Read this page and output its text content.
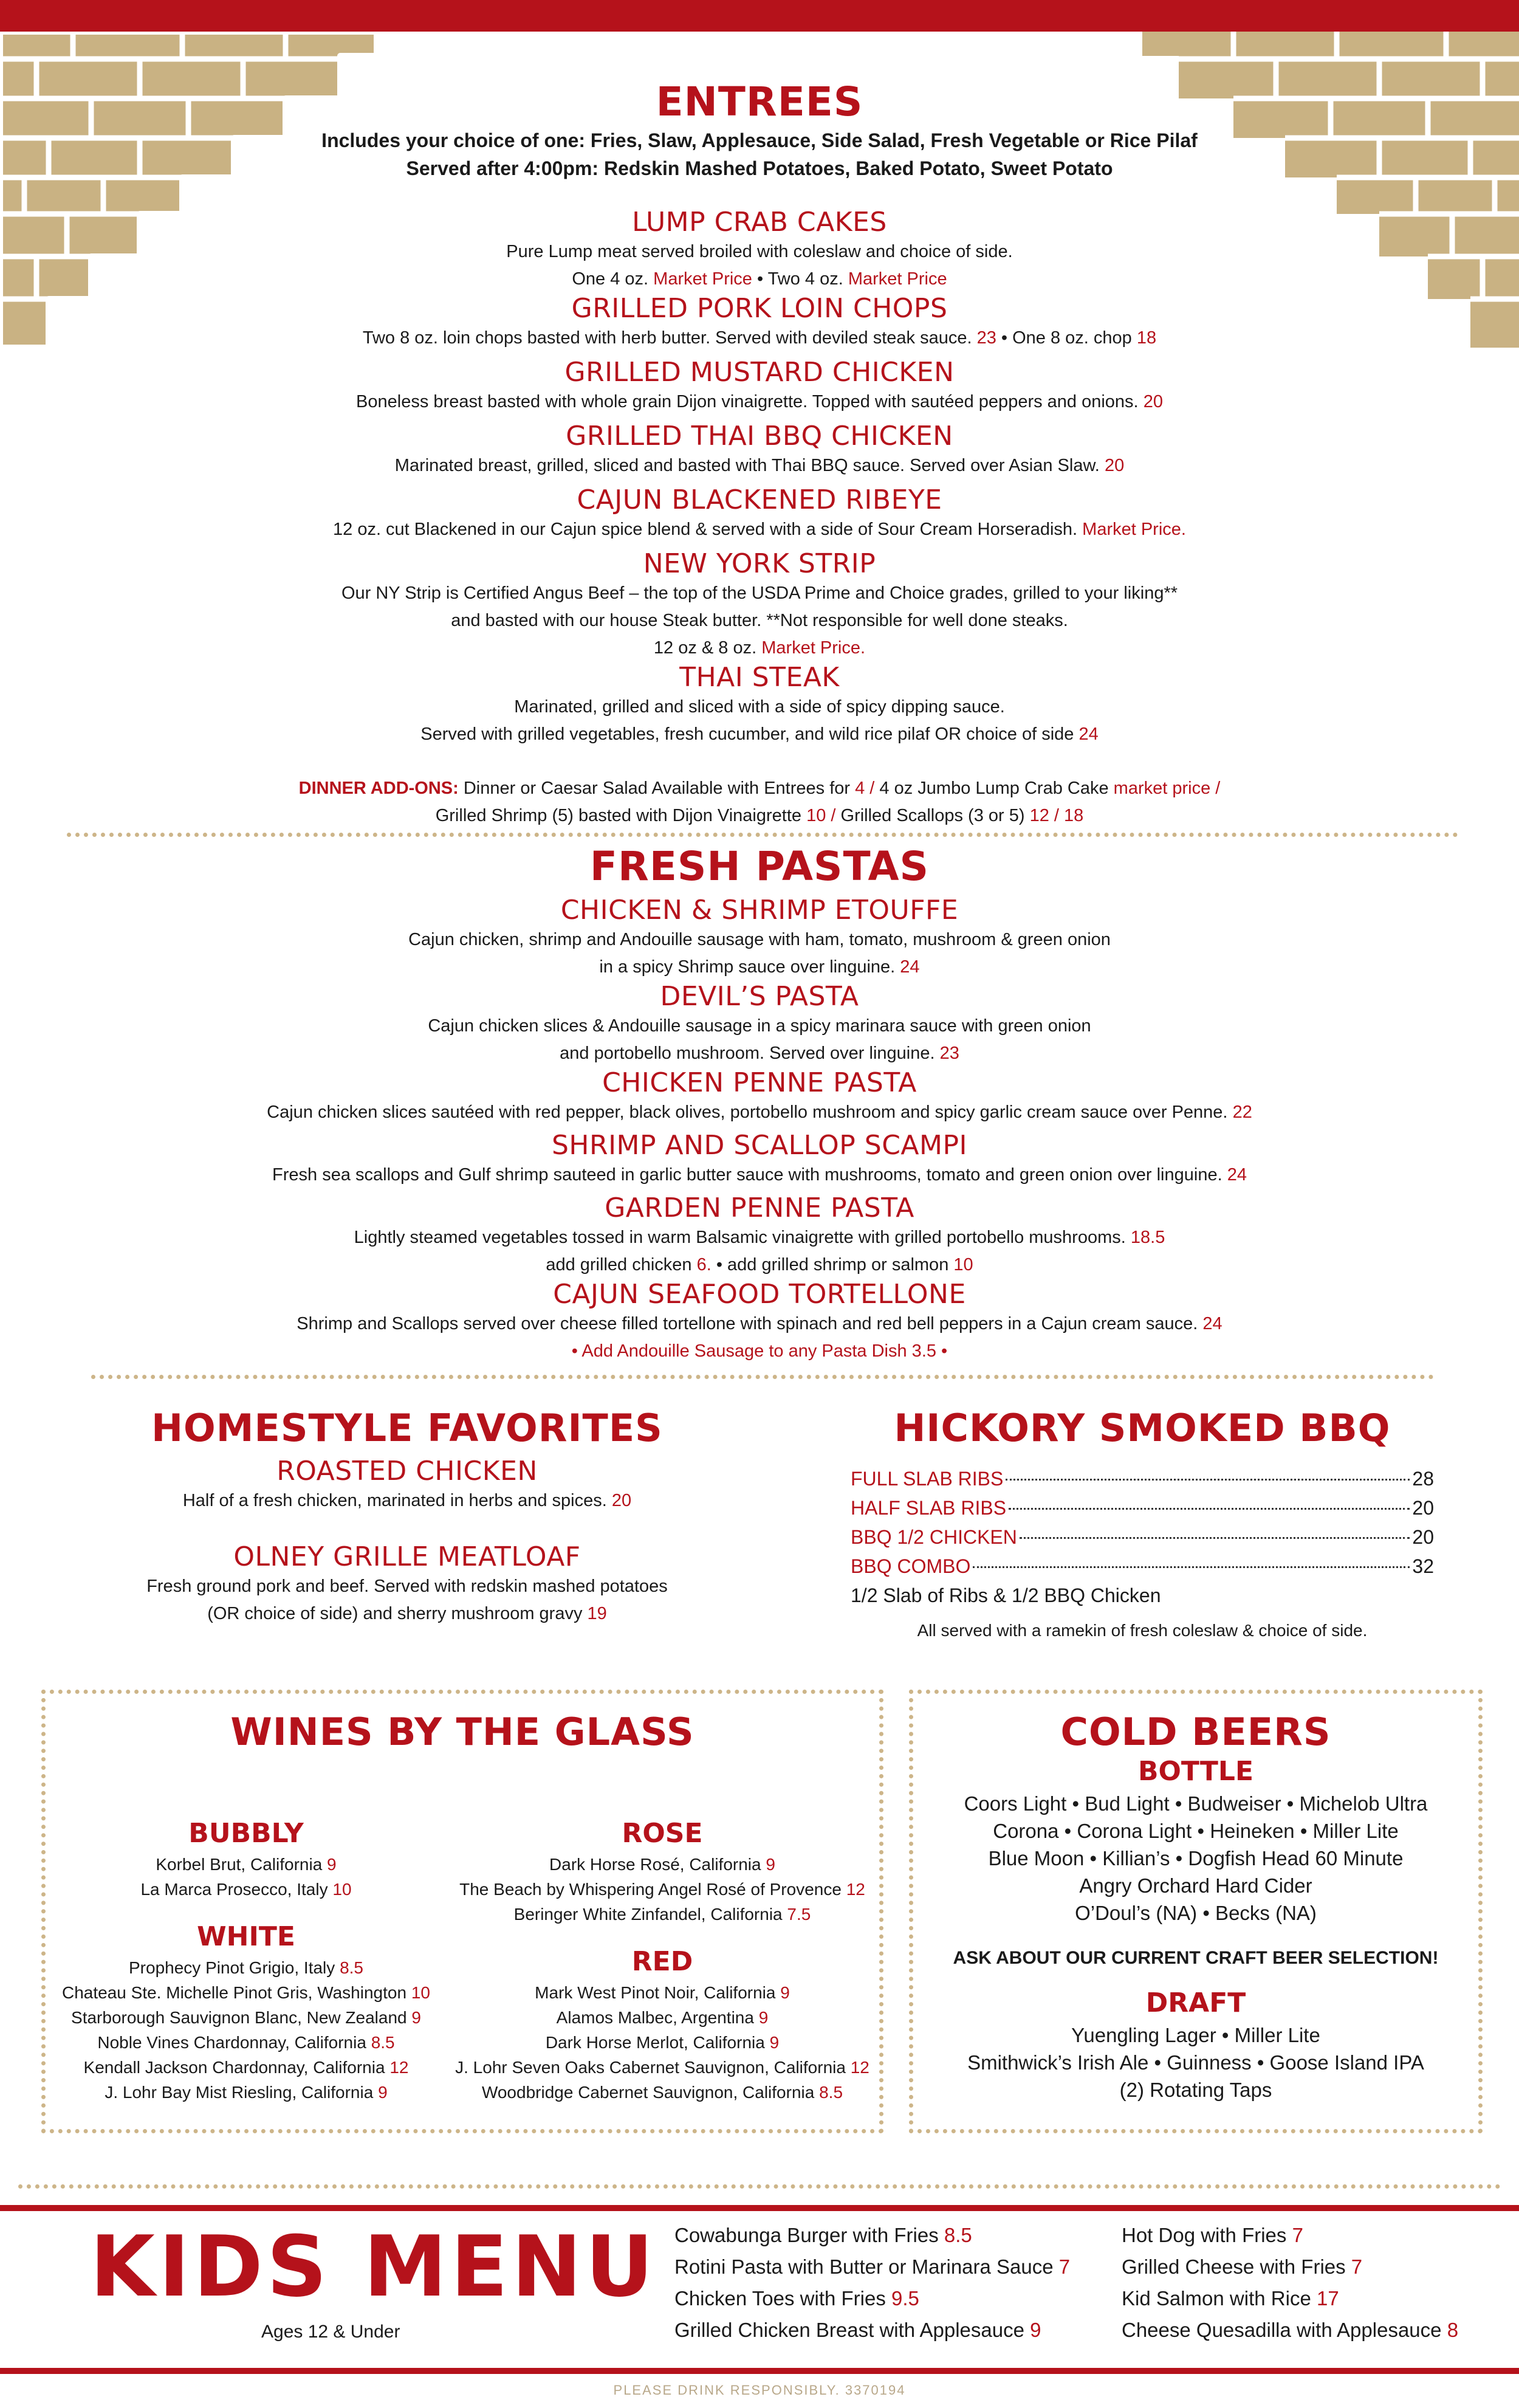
ENTREES
Includes your choice of one: Fries, Slaw, Applesauce, Side Salad, Fresh Vegetable or Rice Pilaf
Served after 4:00pm: Redskin Mashed Potatoes, Baked Potato, Sweet Potato
LUMP CRAB CAKES
Pure Lump meat served broiled with coleslaw and choice of side.
One 4 oz. Market Price • Two 4 oz. Market Price
GRILLED PORK LOIN CHOPS
Two 8 oz. loin chops basted with herb butter. Served with deviled steak sauce. 23 • One 8 oz. chop 18
GRILLED MUSTARD CHICKEN
Boneless breast basted with whole grain Dijon vinaigrette. Topped with sautéed peppers and onions. 20
GRILLED THAI BBQ CHICKEN
Marinated breast, grilled, sliced and basted with Thai BBQ sauce. Served over Asian Slaw. 20
CAJUN BLACKENED RIBEYE
12 oz. cut Blackened in our Cajun spice blend & served with a side of Sour Cream Horseradish. Market Price.
NEW YORK STRIP
Our NY Strip is Certified Angus Beef – the top of the USDA Prime and Choice grades, grilled to your liking**
and basted with our house Steak butter. **Not responsible for well done steaks.
12 oz & 8 oz. Market Price.
THAI STEAK
Marinated, grilled and sliced with a side of spicy dipping sauce.
Served with grilled vegetables, fresh cucumber, and wild rice pilaf OR choice of side 24
DINNER ADD-ONS: Dinner or Caesar Salad Available with Entrees for 4 / 4 oz Jumbo Lump Crab Cake market price /
Grilled Shrimp (5) basted with Dijon Vinaigrette 10 / Grilled Scallops (3 or 5) 12 / 18
FRESH PASTAS
CHICKEN & SHRIMP ETOUFFE
Cajun chicken, shrimp and Andouille sausage with ham, tomato, mushroom & green onion
in a spicy Shrimp sauce over linguine. 24
DEVIL’S PASTA
Cajun chicken slices & Andouille sausage in a spicy marinara sauce with green onion
and portobello mushroom. Served over linguine. 23
CHICKEN PENNE PASTA
Cajun chicken slices sautéed with red pepper, black olives, portobello mushroom and spicy garlic cream sauce over Penne. 22
SHRIMP AND SCALLOP SCAMPI
Fresh sea scallops and Gulf shrimp sauteed in garlic butter sauce with mushrooms, tomato and green onion over linguine. 24
GARDEN PENNE PASTA
Lightly steamed vegetables tossed in warm Balsamic vinaigrette with grilled portobello mushrooms. 18.5
add grilled chicken 6. • add grilled shrimp or salmon 10
CAJUN SEAFOOD TORTELLONE
Shrimp and Scallops served over cheese filled tortellone with spinach and red bell peppers in a Cajun cream sauce. 24
• Add Andouille Sausage to any Pasta Dish 3.5 •
HOMESTYLE FAVORITES
ROASTED CHICKEN
Half of a fresh chicken, marinated in herbs and spices. 20
OLNEY GRILLE MEATLOAF
Fresh ground pork and beef. Served with redskin mashed potatoes
(OR choice of side) and sherry mushroom gravy 19
HICKORY SMOKED BBQ
FULL SLAB RIBS	28
HALF SLAB RIBS	20
BBQ 1/2 CHICKEN	20
BBQ COMBO	32
1/2 Slab of Ribs & 1/2 BBQ Chicken
All served with a ramekin of fresh coleslaw & choice of side.
WINES BY THE GLASS
BUBBLY
Korbel Brut, California 9
La Marca Prosecco, Italy 10
WHITE
Prophecy Pinot Grigio, Italy 8.5
Chateau Ste. Michelle Pinot Gris, Washington 10
Starborough Sauvignon Blanc, New Zealand 9
Noble Vines Chardonnay, California 8.5
Kendall Jackson Chardonnay, California 12
J. Lohr Bay Mist Riesling, California 9
ROSE
Dark Horse Rosé, California 9
The Beach by Whispering Angel Rosé of Provence 12
Beringer White Zinfandel, California 7.5
RED
Mark West Pinot Noir, California 9
Alamos Malbec, Argentina 9
Dark Horse Merlot, California 9
J. Lohr Seven Oaks Cabernet Sauvignon, California 12
Woodbridge Cabernet Sauvignon, California 8.5
COLD BEERS
BOTTLE
Coors Light • Bud Light • Budweiser • Michelob Ultra
Corona • Corona Light • Heineken • Miller Lite
Blue Moon • Killian’s • Dogfish Head 60 Minute
Angry Orchard Hard Cider
O’Doul’s (NA) • Becks (NA)
ASK ABOUT OUR CURRENT CRAFT BEER SELECTION!
DRAFT
Yuengling Lager • Miller Lite
Smithwick’s Irish Ale • Guinness • Goose Island IPA
(2) Rotating Taps
KIDS MENU
Ages 12 & Under
Cowabunga Burger with Fries 8.5
Rotini Pasta with Butter or Marinara Sauce 7
Chicken Toes with Fries 9.5
Grilled Chicken Breast with Applesauce 9
Hot Dog with Fries 7
Grilled Cheese with Fries 7
Kid Salmon with Rice 17
Cheese Quesadilla with Applesauce 8
PLEASE DRINK RESPONSIBLY. 3370194
